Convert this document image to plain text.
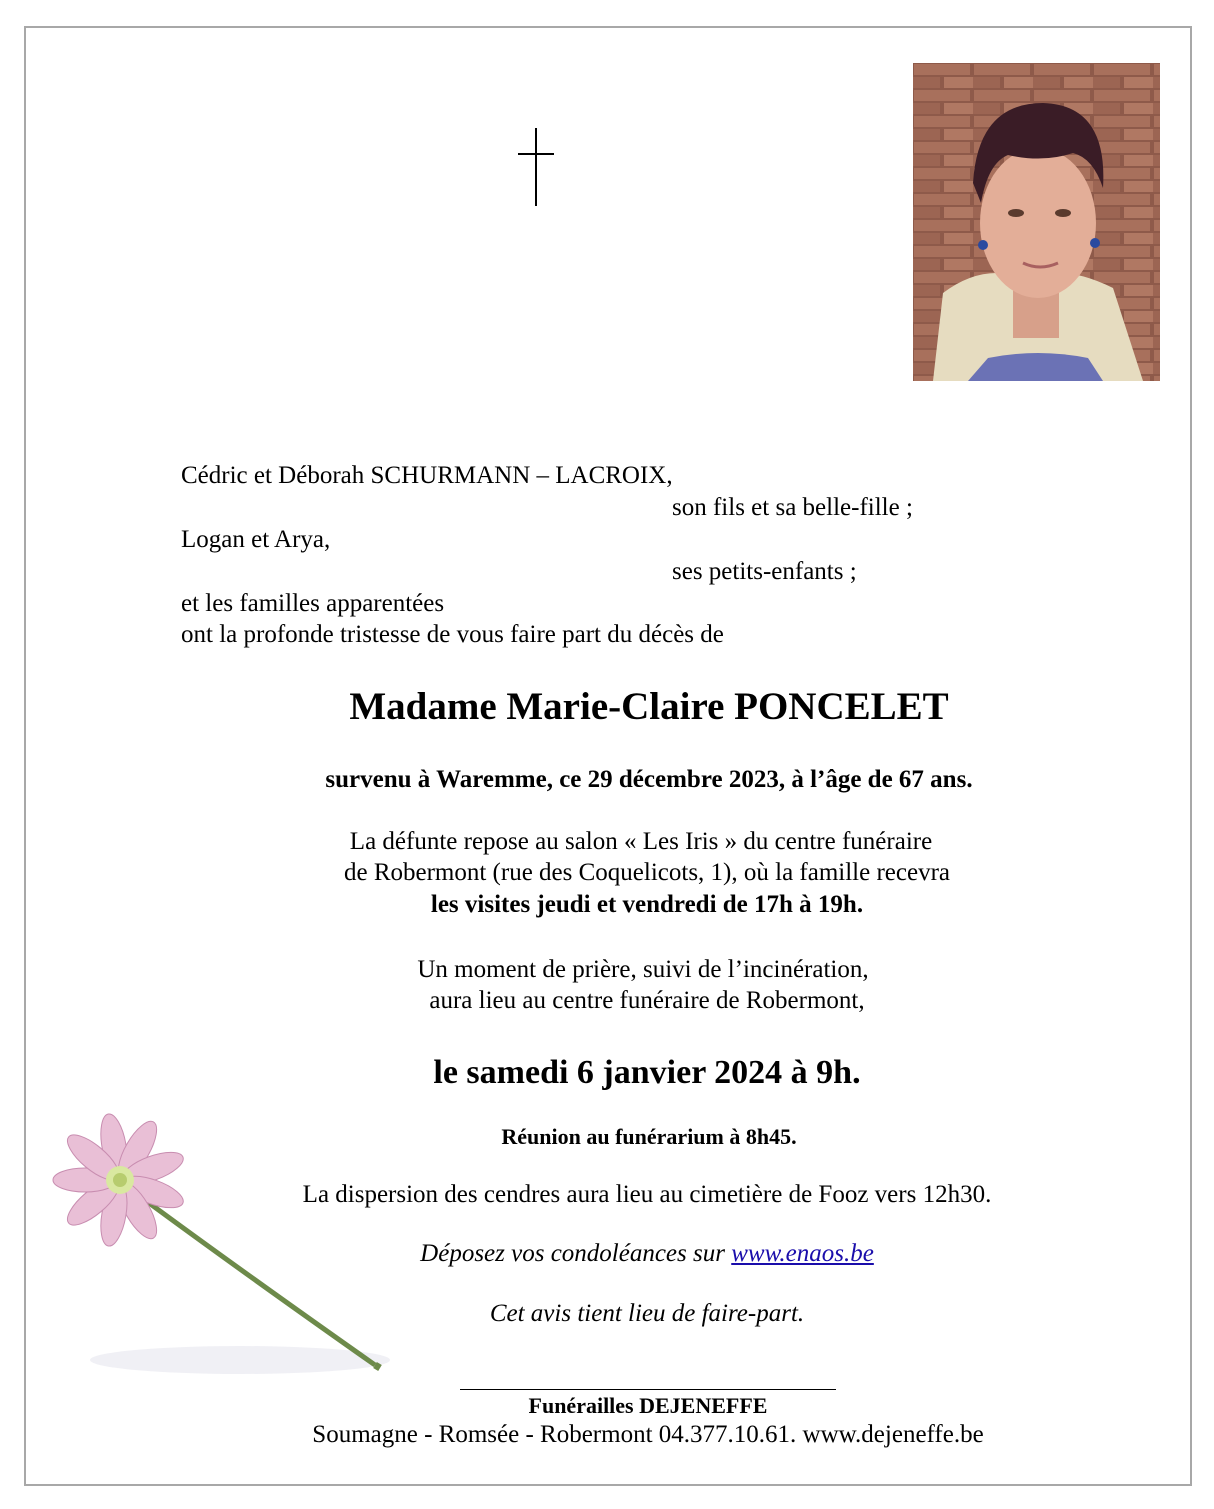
Cédric et Déborah SCHURMANN – LACROIX,
son fils et sa belle-fille ;
Logan et Arya,
ses petits-enfants ;
et les familles apparentées
ont la profonde tristesse de vous faire part du décès de
Madame Marie-Claire PONCELET
survenu à Waremme, ce 29 décembre 2023, à l’âge de 67 ans.
La défunte repose au salon « Les Iris » du centre funéraire
de Robermont (rue des Coquelicots, 1), où la famille recevra
les visites jeudi et vendredi de 17h à 19h.
Un moment de prière, suivi de l’incinération,
aura lieu au centre funéraire de Robermont,
le samedi 6 janvier 2024 à 9h.
Réunion au funérarium à 8h45.
La dispersion des cendres aura lieu au cimetière de Fooz vers 12h30.
Déposez vos condoléances sur www.enaos.be
Cet avis tient lieu de faire-part.
Funérailles DEJENEFFE
Soumagne - Romsée - Robermont 04.377.10.61. www.dejeneffe.be
